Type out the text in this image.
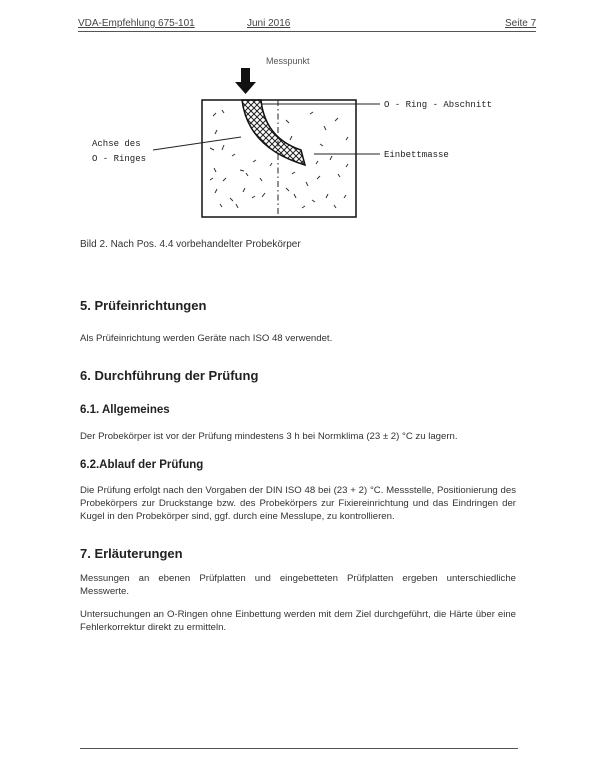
VDA-Empfehlung 675-101	Juni 2016	Seite 7
Messpunkt
O - Ring - Abschnitt
Einbettmasse
Achse des
O - Ringes
Bild 2. Nach Pos. 4.4 vorbehandelter Probekörper
5. Prüfeinrichtungen
Als Prüfeinrichtung werden Geräte nach ISO 48 verwendet.
6. Durchführung der Prüfung
6.1. Allgemeines
Der Probekörper ist vor der Prüfung mindestens 3 h bei Normklima (23 ± 2) °C zu lagern.
6.2.Ablauf der Prüfung
Die Prüfung erfolgt nach den Vorgaben der DIN ISO 48 bei (23 + 2) °C. Messstelle, Positionierung des Probekörpers zur Druckstange bzw. des Probekörpers zur Fixiereinrichtung und das Eindringen der Kugel in den Probekörper sind, ggf. durch eine Messlupe, zu kontrollieren.
7. Erläuterungen
Messungen an ebenen Prüfplatten und eingebetteten Prüfplatten ergeben unterschiedliche Messwerte.
Untersuchungen an O-Ringen ohne Einbettung werden mit dem Ziel durchgeführt, die Härte über eine Fehlerkorrektur direkt zu ermitteln.
